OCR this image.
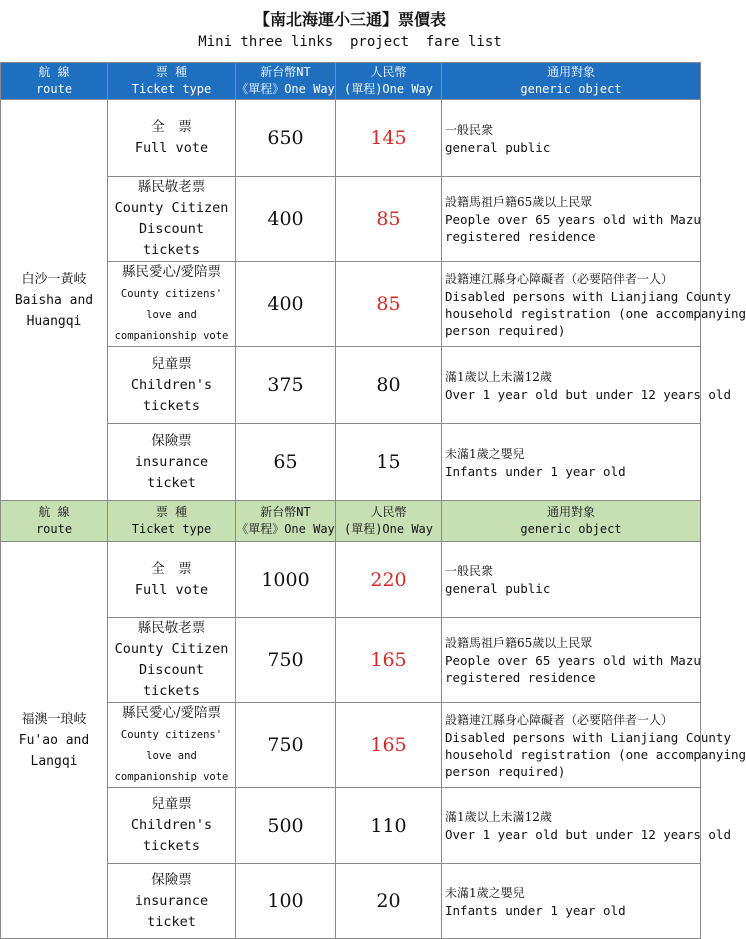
【南北海運小三通】票價表
Mini three links  project  fare list
航 線
route	票 種
Ticket type	新台幣NT
《單程》One Way	人民幣
(單程)One Way	通用對象
generic object
白沙一黃岐
Baisha and
Huangqi	全　票
Full vote	650	145	一般民衆
general public
	縣民敬老票
County Citizen
Discount tickets	400	85	設籍馬祖戶籍65歲以上民眾
People over 65 years old with Mazu
registered residence
	縣民愛心/愛陪票
County citizens'
love and
companionship vote	400	85	設籍連江縣身心障礙者（必要陪伴者一人）
Disabled persons with Lianjiang County
household registration (one accompanying
person required)
	兒童票
Children's
tickets	375	80	滿1歲以上未滿12歲
Over 1 year old but under 12 years old
	保險票
insurance ticket	65	15	未滿1歲之嬰兒
Infants under 1 year old
航 線
route	票 種
Ticket type	新台幣NT
《單程》One Way	人民幣
(單程)One Way	通用對象
generic object
福澳一琅岐
Fu'ao and
Langqi	全　票
Full vote	1000	220	一般民衆
general public
	縣民敬老票
County Citizen
Discount tickets	750	165	設籍馬祖戶籍65歲以上民眾
People over 65 years old with Mazu
registered residence
	縣民愛心/愛陪票
County citizens'
love and
companionship vote	750	165	設籍連江縣身心障礙者（必要陪伴者一人）
Disabled persons with Lianjiang County
household registration (one accompanying
person required)
	兒童票
Children's
tickets	500	110	滿1歲以上未滿12歲
Over 1 year old but under 12 years old
	保險票
insurance ticket	100	20	未滿1歲之嬰兒
Infants under 1 year old
